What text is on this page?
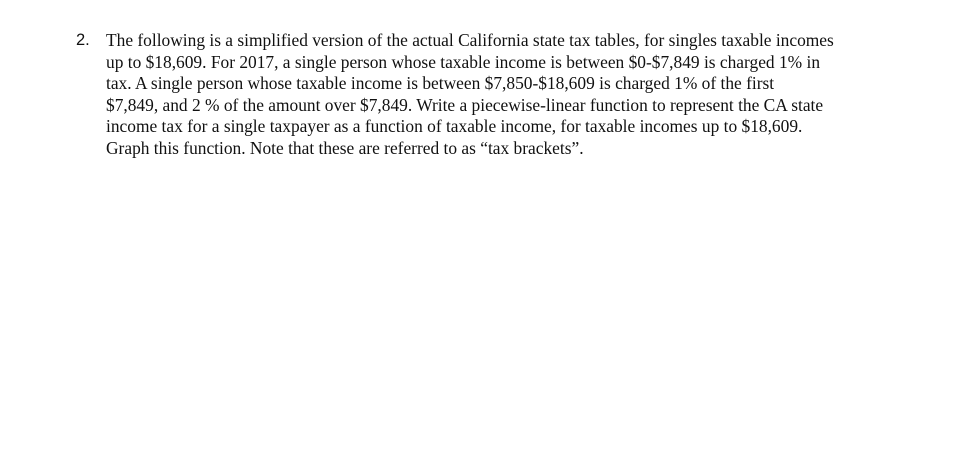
2. The following is a simplified version of the actual California state tax tables, for singles taxable incomes
up to $18,609. For 2017, a single person whose taxable income is between $0-$7,849 is charged 1% in
tax. A single person whose taxable income is between $7,850-$18,609 is charged 1% of the first
$7,849, and 2 % of the amount over $7,849. Write a piecewise-linear function to represent the CA state
income tax for a single taxpayer as a function of taxable income, for taxable incomes up to $18,609.
Graph this function. Note that these are referred to as “tax brackets”.
